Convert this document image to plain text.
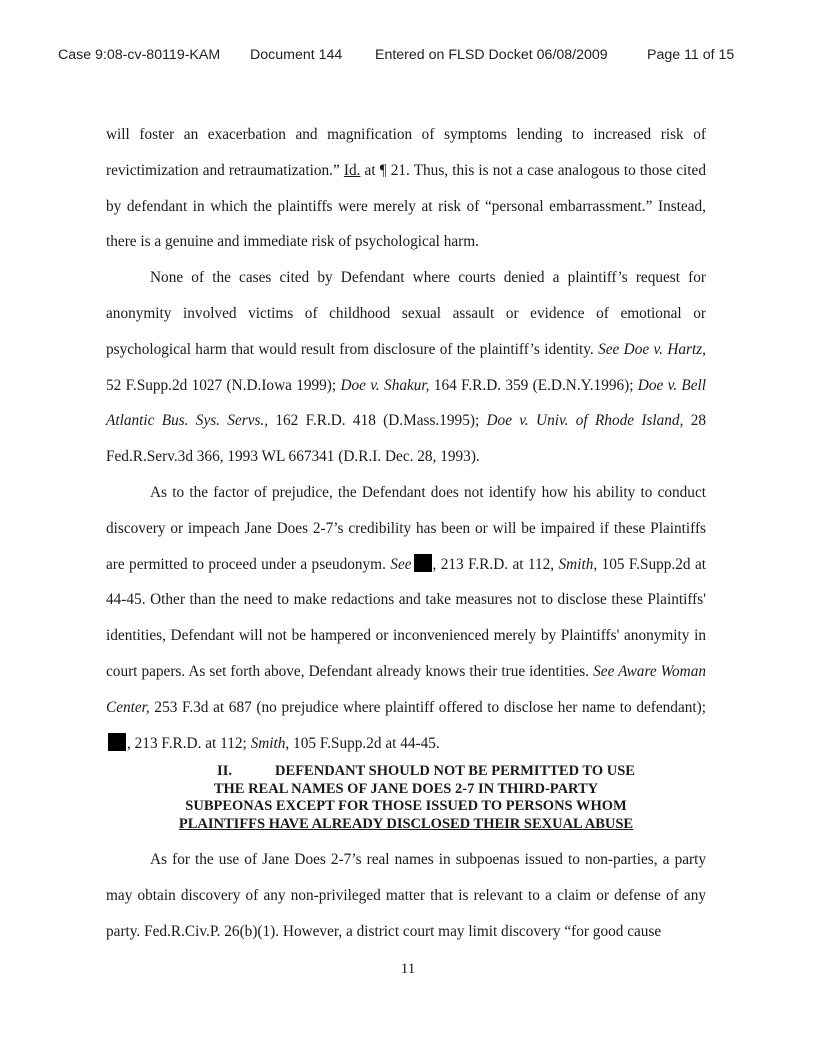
Case 9:08-cv-80119-KAM Document 144 Entered on FLSD Docket 06/08/2009	Page 11 of 15

will foster an exacerbation and magnification of symptoms lending to increased risk of revictimization and retraumatization.” Id. at ¶ 21. Thus, this is not a case analogous to those cited by defendant in which the plaintiffs were merely at risk of “personal embarrassment.” Instead, there is a genuine and immediate risk of psychological harm.

None of the cases cited by Defendant where courts denied a plaintiff’s request for anonymity involved victims of childhood sexual assault or evidence of emotional or psychological harm that would result from disclosure of the plaintiff’s identity. See Doe v. Hartz, 52 F.Supp.2d 1027 (N.D.Iowa 1999); Doe v. Shakur, 164 F.R.D. 359 (E.D.N.Y.1996); Doe v. Bell Atlantic Bus. Sys. Servs., 162 F.R.D. 418 (D.Mass.1995); Doe v. Univ. of Rhode Island, 28 Fed.R.Serv.3d 366, 1993 WL 667341 (D.R.I. Dec. 28, 1993).

As to the factor of prejudice, the Defendant does not identify how his ability to conduct discovery or impeach Jane Does 2-7’s credibility has been or will be impaired if these Plaintiffs are permitted to proceed under a pseudonym. See , 213 F.R.D. at 112, Smith, 105 F.Supp.2d at 44-45. Other than the need to make redactions and take measures not to disclose these Plaintiffs' identities, Defendant will not be hampered or inconvenienced merely by Plaintiffs' anonymity in court papers. As set forth above, Defendant already knows their true identities. See Aware Woman Center, 253 F.3d at 687 (no prejudice where plaintiff offered to disclose her name to defendant); , 213 F.R.D. at 112; Smith, 105 F.Supp.2d at 44-45.

II.	DEFENDANT SHOULD NOT BE PERMITTED TO USE
THE REAL NAMES OF JANE DOES 2-7 IN THIRD-PARTY
SUBPEONAS EXCEPT FOR THOSE ISSUED TO PERSONS WHOM
PLAINTIFFS HAVE ALREADY DISCLOSED THEIR SEXUAL ABUSE

As for the use of Jane Does 2-7’s real names in subpoenas issued to non-parties, a party may obtain discovery of any non-privileged matter that is relevant to a claim or defense of any party. Fed.R.Civ.P. 26(b)(1). However, a district court may limit discovery “for good cause

11
